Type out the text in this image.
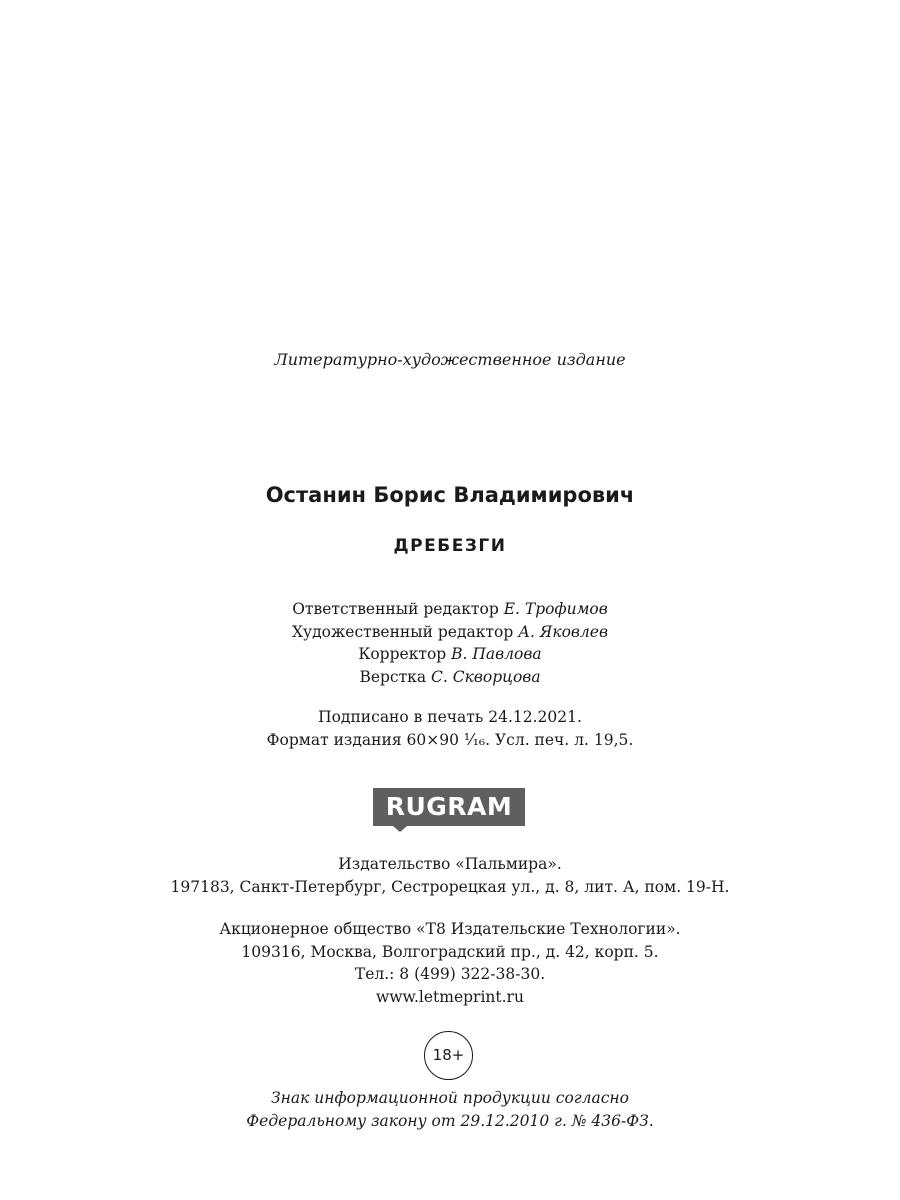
Литературно-художественное издание
Останин Борис Владимирович
ДРЕБЕЗГИ
Ответственный редактор Е. Трофимов
Художественный редактор А. Яковлев
Корректор В. Павлова
Верстка С. Скворцова
Подписано в печать 24.12.2021.
Формат издания 60×90 ¹⁄₁₆. Усл. печ. л. 19,5.
RUGRAM
Издательство «Пальмира».
197183, Санкт-Петербург, Сестрорецкая ул., д. 8, лит. А, пом. 19-Н.
Акционерное общество «Т8 Издательские Технологии».
109316, Москва, Волгоградский пр., д. 42, корп. 5.
Тел.: 8 (499) 322-38-30.
www.letmeprint.ru
18+
Знак информационной продукции согласно
Федеральному закону от 29.12.2010 г. № 436-ФЗ.
